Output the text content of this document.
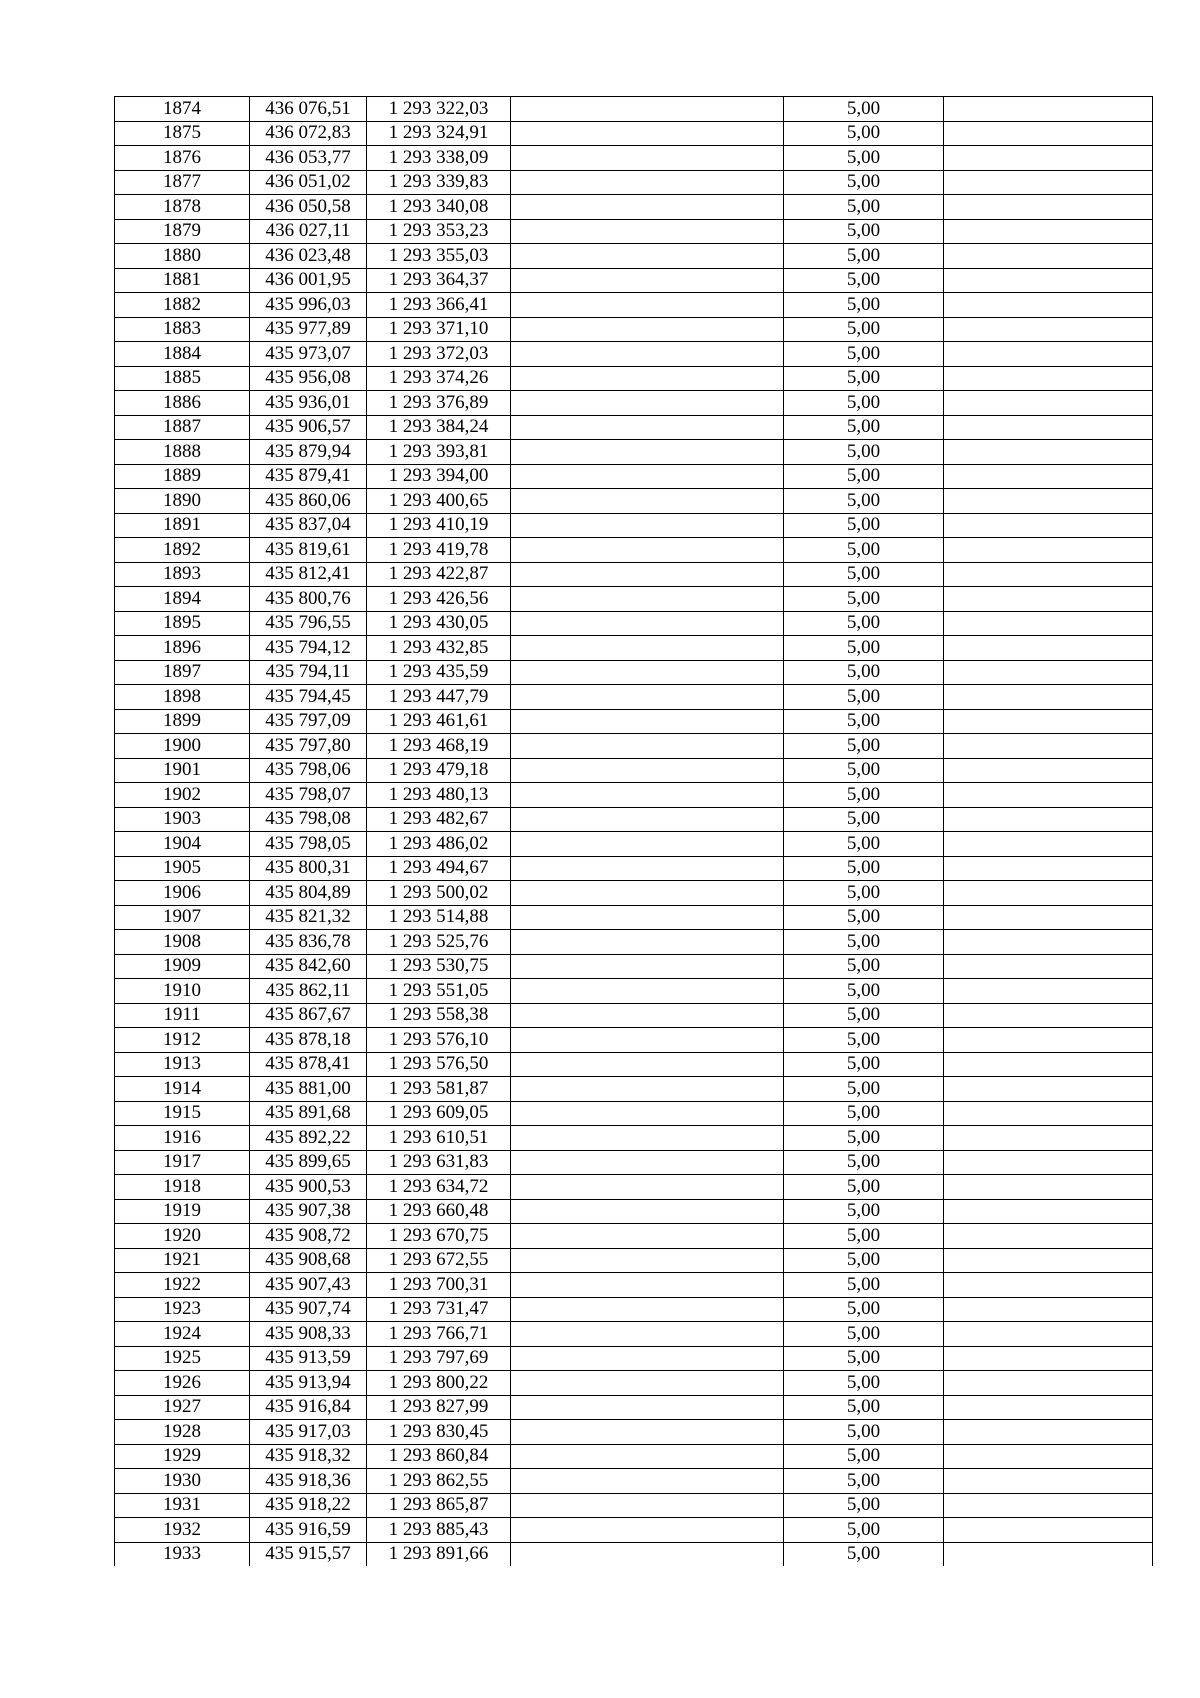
1874	436 076,51	1 293 322,03		5,00	
1875	436 072,83	1 293 324,91		5,00	
1876	436 053,77	1 293 338,09		5,00	
1877	436 051,02	1 293 339,83		5,00	
1878	436 050,58	1 293 340,08		5,00	
1879	436 027,11	1 293 353,23		5,00	
1880	436 023,48	1 293 355,03		5,00	
1881	436 001,95	1 293 364,37		5,00	
1882	435 996,03	1 293 366,41		5,00	
1883	435 977,89	1 293 371,10		5,00	
1884	435 973,07	1 293 372,03		5,00	
1885	435 956,08	1 293 374,26		5,00	
1886	435 936,01	1 293 376,89		5,00	
1887	435 906,57	1 293 384,24		5,00	
1888	435 879,94	1 293 393,81		5,00	
1889	435 879,41	1 293 394,00		5,00	
1890	435 860,06	1 293 400,65		5,00	
1891	435 837,04	1 293 410,19		5,00	
1892	435 819,61	1 293 419,78		5,00	
1893	435 812,41	1 293 422,87		5,00	
1894	435 800,76	1 293 426,56		5,00	
1895	435 796,55	1 293 430,05		5,00	
1896	435 794,12	1 293 432,85		5,00	
1897	435 794,11	1 293 435,59		5,00	
1898	435 794,45	1 293 447,79		5,00	
1899	435 797,09	1 293 461,61		5,00	
1900	435 797,80	1 293 468,19		5,00	
1901	435 798,06	1 293 479,18		5,00	
1902	435 798,07	1 293 480,13		5,00	
1903	435 798,08	1 293 482,67		5,00	
1904	435 798,05	1 293 486,02		5,00	
1905	435 800,31	1 293 494,67		5,00	
1906	435 804,89	1 293 500,02		5,00	
1907	435 821,32	1 293 514,88		5,00	
1908	435 836,78	1 293 525,76		5,00	
1909	435 842,60	1 293 530,75		5,00	
1910	435 862,11	1 293 551,05		5,00	
1911	435 867,67	1 293 558,38		5,00	
1912	435 878,18	1 293 576,10		5,00	
1913	435 878,41	1 293 576,50		5,00	
1914	435 881,00	1 293 581,87		5,00	
1915	435 891,68	1 293 609,05		5,00	
1916	435 892,22	1 293 610,51		5,00	
1917	435 899,65	1 293 631,83		5,00	
1918	435 900,53	1 293 634,72		5,00	
1919	435 907,38	1 293 660,48		5,00	
1920	435 908,72	1 293 670,75		5,00	
1921	435 908,68	1 293 672,55		5,00	
1922	435 907,43	1 293 700,31		5,00	
1923	435 907,74	1 293 731,47		5,00	
1924	435 908,33	1 293 766,71		5,00	
1925	435 913,59	1 293 797,69		5,00	
1926	435 913,94	1 293 800,22		5,00	
1927	435 916,84	1 293 827,99		5,00	
1928	435 917,03	1 293 830,45		5,00	
1929	435 918,32	1 293 860,84		5,00	
1930	435 918,36	1 293 862,55		5,00	
1931	435 918,22	1 293 865,87		5,00	
1932	435 916,59	1 293 885,43		5,00	
1933	435 915,57	1 293 891,66		5,00	
